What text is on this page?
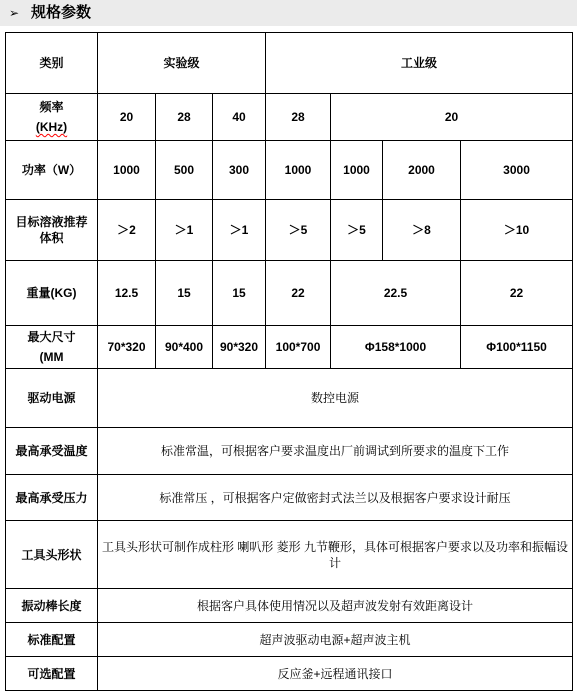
➢ 规格参数
类别	实验级			工业级			

频率
(KHz)	20	28	40	28	20		
功率（W）	1000	500	300	1000	1000	2000	3000
目标溶液推荐体积	＞2	＞1	＞1	＞5	＞5	＞8	＞10
重量(KG)	12.5	15	15	22	22.5		22

最大尺寸
(MM	70*320	90*400	90*320	100*700	Φ158*1000		Φ100*1150
驱动电源	数控电源						
最高承受温度	标准常温，可根据客户要求温度出厂前调试到所要求的温度下工作						
最高承受压力	标准常压 ，可根据客户定做密封式法兰以及根据客户要求设计耐压						
工具头形状	工具头形状可制作成柱形 喇叭形 菱形 九节鞭形，具体可根据客户要求以及功率和振幅设计						
振动棒长度	根据客户具体使用情况以及超声波发射有效距离设计						
标准配置	超声波驱动电源+超声波主机						
可选配置	反应釜+远程通讯接口						
